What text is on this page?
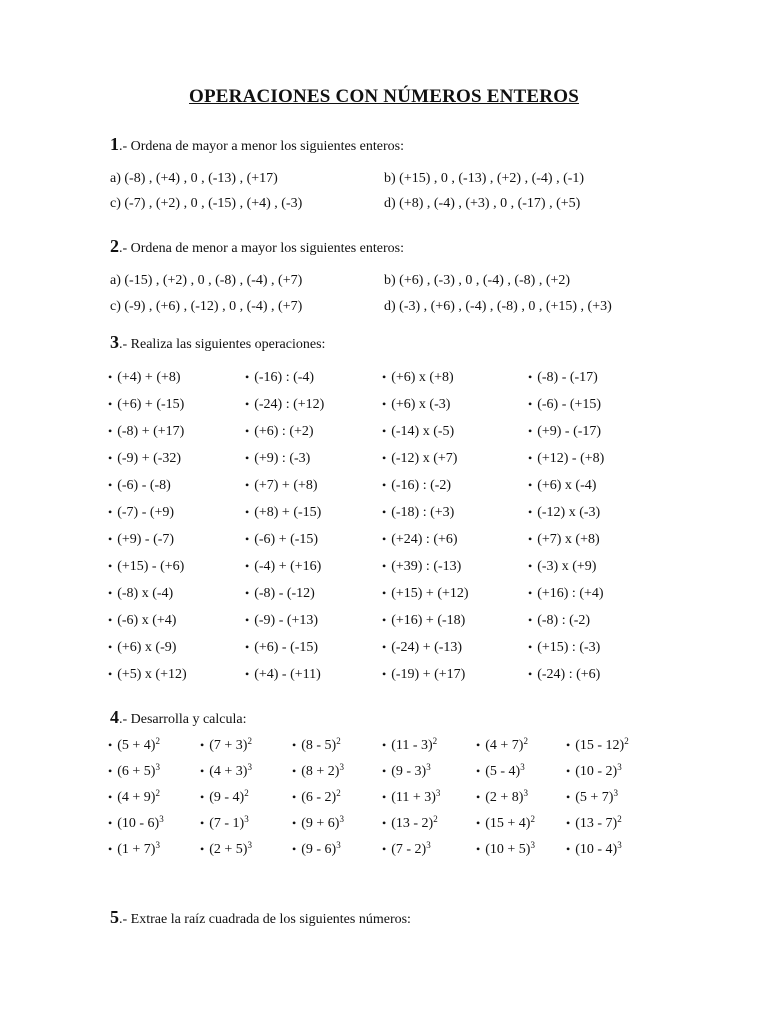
OPERACIONES CON NÚMEROS ENTEROS
1.- Ordena de mayor a menor los siguientes enteros:
a) (-8) , (+4) , 0 , (-13) , (+17)	b) (+15) , 0 , (-13) , (+2) , (-4) , (-1)
c) (-7) , (+2) , 0 , (-15) , (+4) , (-3)	d) (+8) , (-4) , (+3) , 0 , (-17) , (+5)
2.- Ordena de menor a mayor los siguientes enteros:
a) (-15) , (+2) , 0 , (-8) , (-4) , (+7)	b) (+6) , (-3) , 0 , (-4) , (-8) , (+2)
c) (-9) , (+6) , (-12) , 0 , (-4) , (+7)	d) (-3) , (+6) , (-4) , (-8) , 0 , (+15) , (+3)
3.- Realiza las siguientes operaciones:
• (+4) + (+8)	• (-16) : (-4)	• (+6) x (+8)	• (-8) - (-17)
• (+6) + (-15)	• (-24) : (+12)	• (+6) x (-3)	• (-6) - (+15)
• (-8) + (+17)	• (+6) : (+2)	• (-14) x (-5)	• (+9) - (-17)
• (-9) + (-32)	• (+9) : (-3)	• (-12) x (+7)	• (+12) - (+8)
• (-6) - (-8)	• (+7) + (+8)	• (-16) : (-2)	• (+6) x (-4)
• (-7) - (+9)	• (+8) + (-15)	• (-18) : (+3)	• (-12) x (-3)
• (+9) - (-7)	• (-6) + (-15)	• (+24) : (+6)	• (+7) x (+8)
• (+15) - (+6)	• (-4) + (+16)	• (+39) : (-13)	• (-3) x (+9)
• (-8) x (-4)	• (-8) - (-12)	• (+15) + (+12)	• (+16) : (+4)
• (-6) x (+4)	• (-9) - (+13)	• (+16) + (-18)	• (-8) : (-2)
• (+6) x (-9)	• (+6) - (-15)	• (-24) + (-13)	• (+15) : (-3)
• (+5) x (+12)	• (+4) - (+11)	• (-19) + (+17)	• (-24) : (+6)
4.- Desarrolla y calcula:
• $(5 + 4)^2$	• $(7 + 3)^2$	• (8 - 5)$^2$	• (11 - 3)$^2$	• $(4 + 7)^2$	• (15 - 12)$^2$
• $(6 + 5)^3$	• $(4 + 3)^3$	• $(8 + 2)^3$	• (9 - 3)$^3$	• (5 - 4)$^3$	• (10 - 2)$^3$
• $(4 + 9)^2$	• (9 - 4)$^2$	• (6 - 2)$^2$	• $(11 + 3)^3$	• $(2 + 8)^3$	• $(5 + 7)^3$
• (10 - 6)$^3$	• (7 - 1)$^3$	• $(9 + 6)^3$	• (13 - 2)$^2$	• $(15 + 4)^2$	• (13 - 7)$^2$
• $(1 + 7)^3$	• $(2 + 5)^3$	• (9 - 6)$^3$	• (7 - 2)$^3$	• $(10 + 5)^3$	• (10 - 4)$^3$
5.- Extrae la raíz cuadrada de los siguientes números:
